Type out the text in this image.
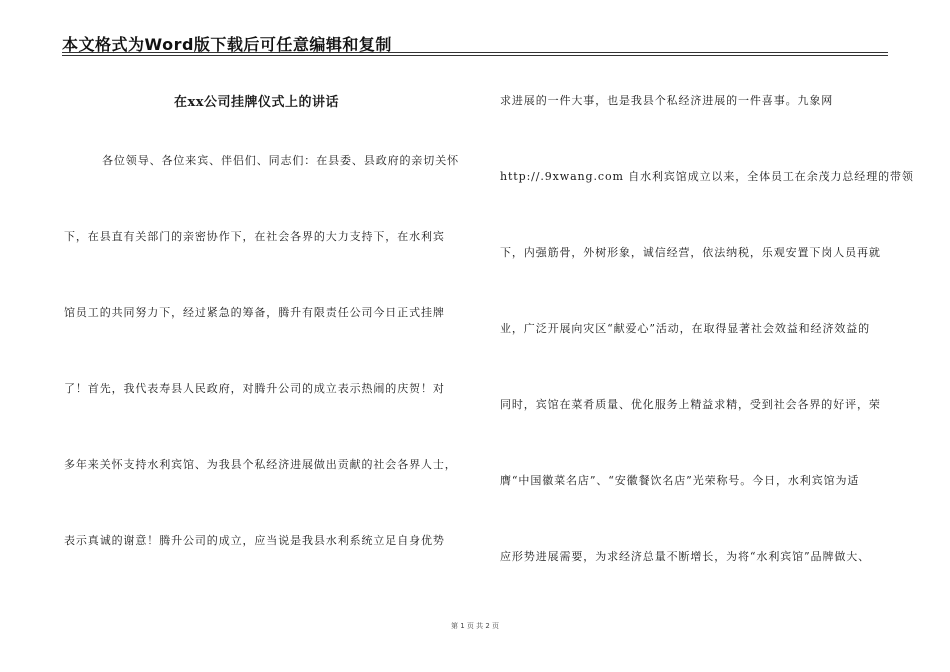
本文格式为Word版下载后可任意编辑和复制
在xx公司挂牌仪式上的讲话
各位领导、各位来宾、伴侣们、同志们：在县委、县政府的亲切关怀
下，在县直有关部门的亲密协作下，在社会各界的大力支持下，在水利宾
馆员工的共同努力下，经过紧急的筹备，腾升有限责任公司今日正式挂牌
了！首先，我代表寿县人民政府，对腾升公司的成立表示热闹的庆贺！对
多年来关怀支持水利宾馆、为我县个私经济进展做出贡献的社会各界人士，
表示真诚的谢意！腾升公司的成立，应当说是我县水利系统立足自身优势
求进展的一件大事，也是我县个私经济进展的一件喜事。九象网
http://.9xwang.com 自水利宾馆成立以来，全体员工在余茂力总经理的带领
下，内强筋骨，外树形象，诚信经营，依法纳税，乐观安置下岗人员再就
业，广泛开展向灾区“献爱心”活动，在取得显著社会效益和经济效益的
同时，宾馆在菜肴质量、优化服务上精益求精，受到社会各界的好评，荣
膺“中国徽菜名店”、“安徽餐饮名店”光荣称号。今日，水利宾馆为适
应形势进展需要，为求经济总量不断增长，为将“水利宾馆”品牌做大、
第 1 页 共 2 页
